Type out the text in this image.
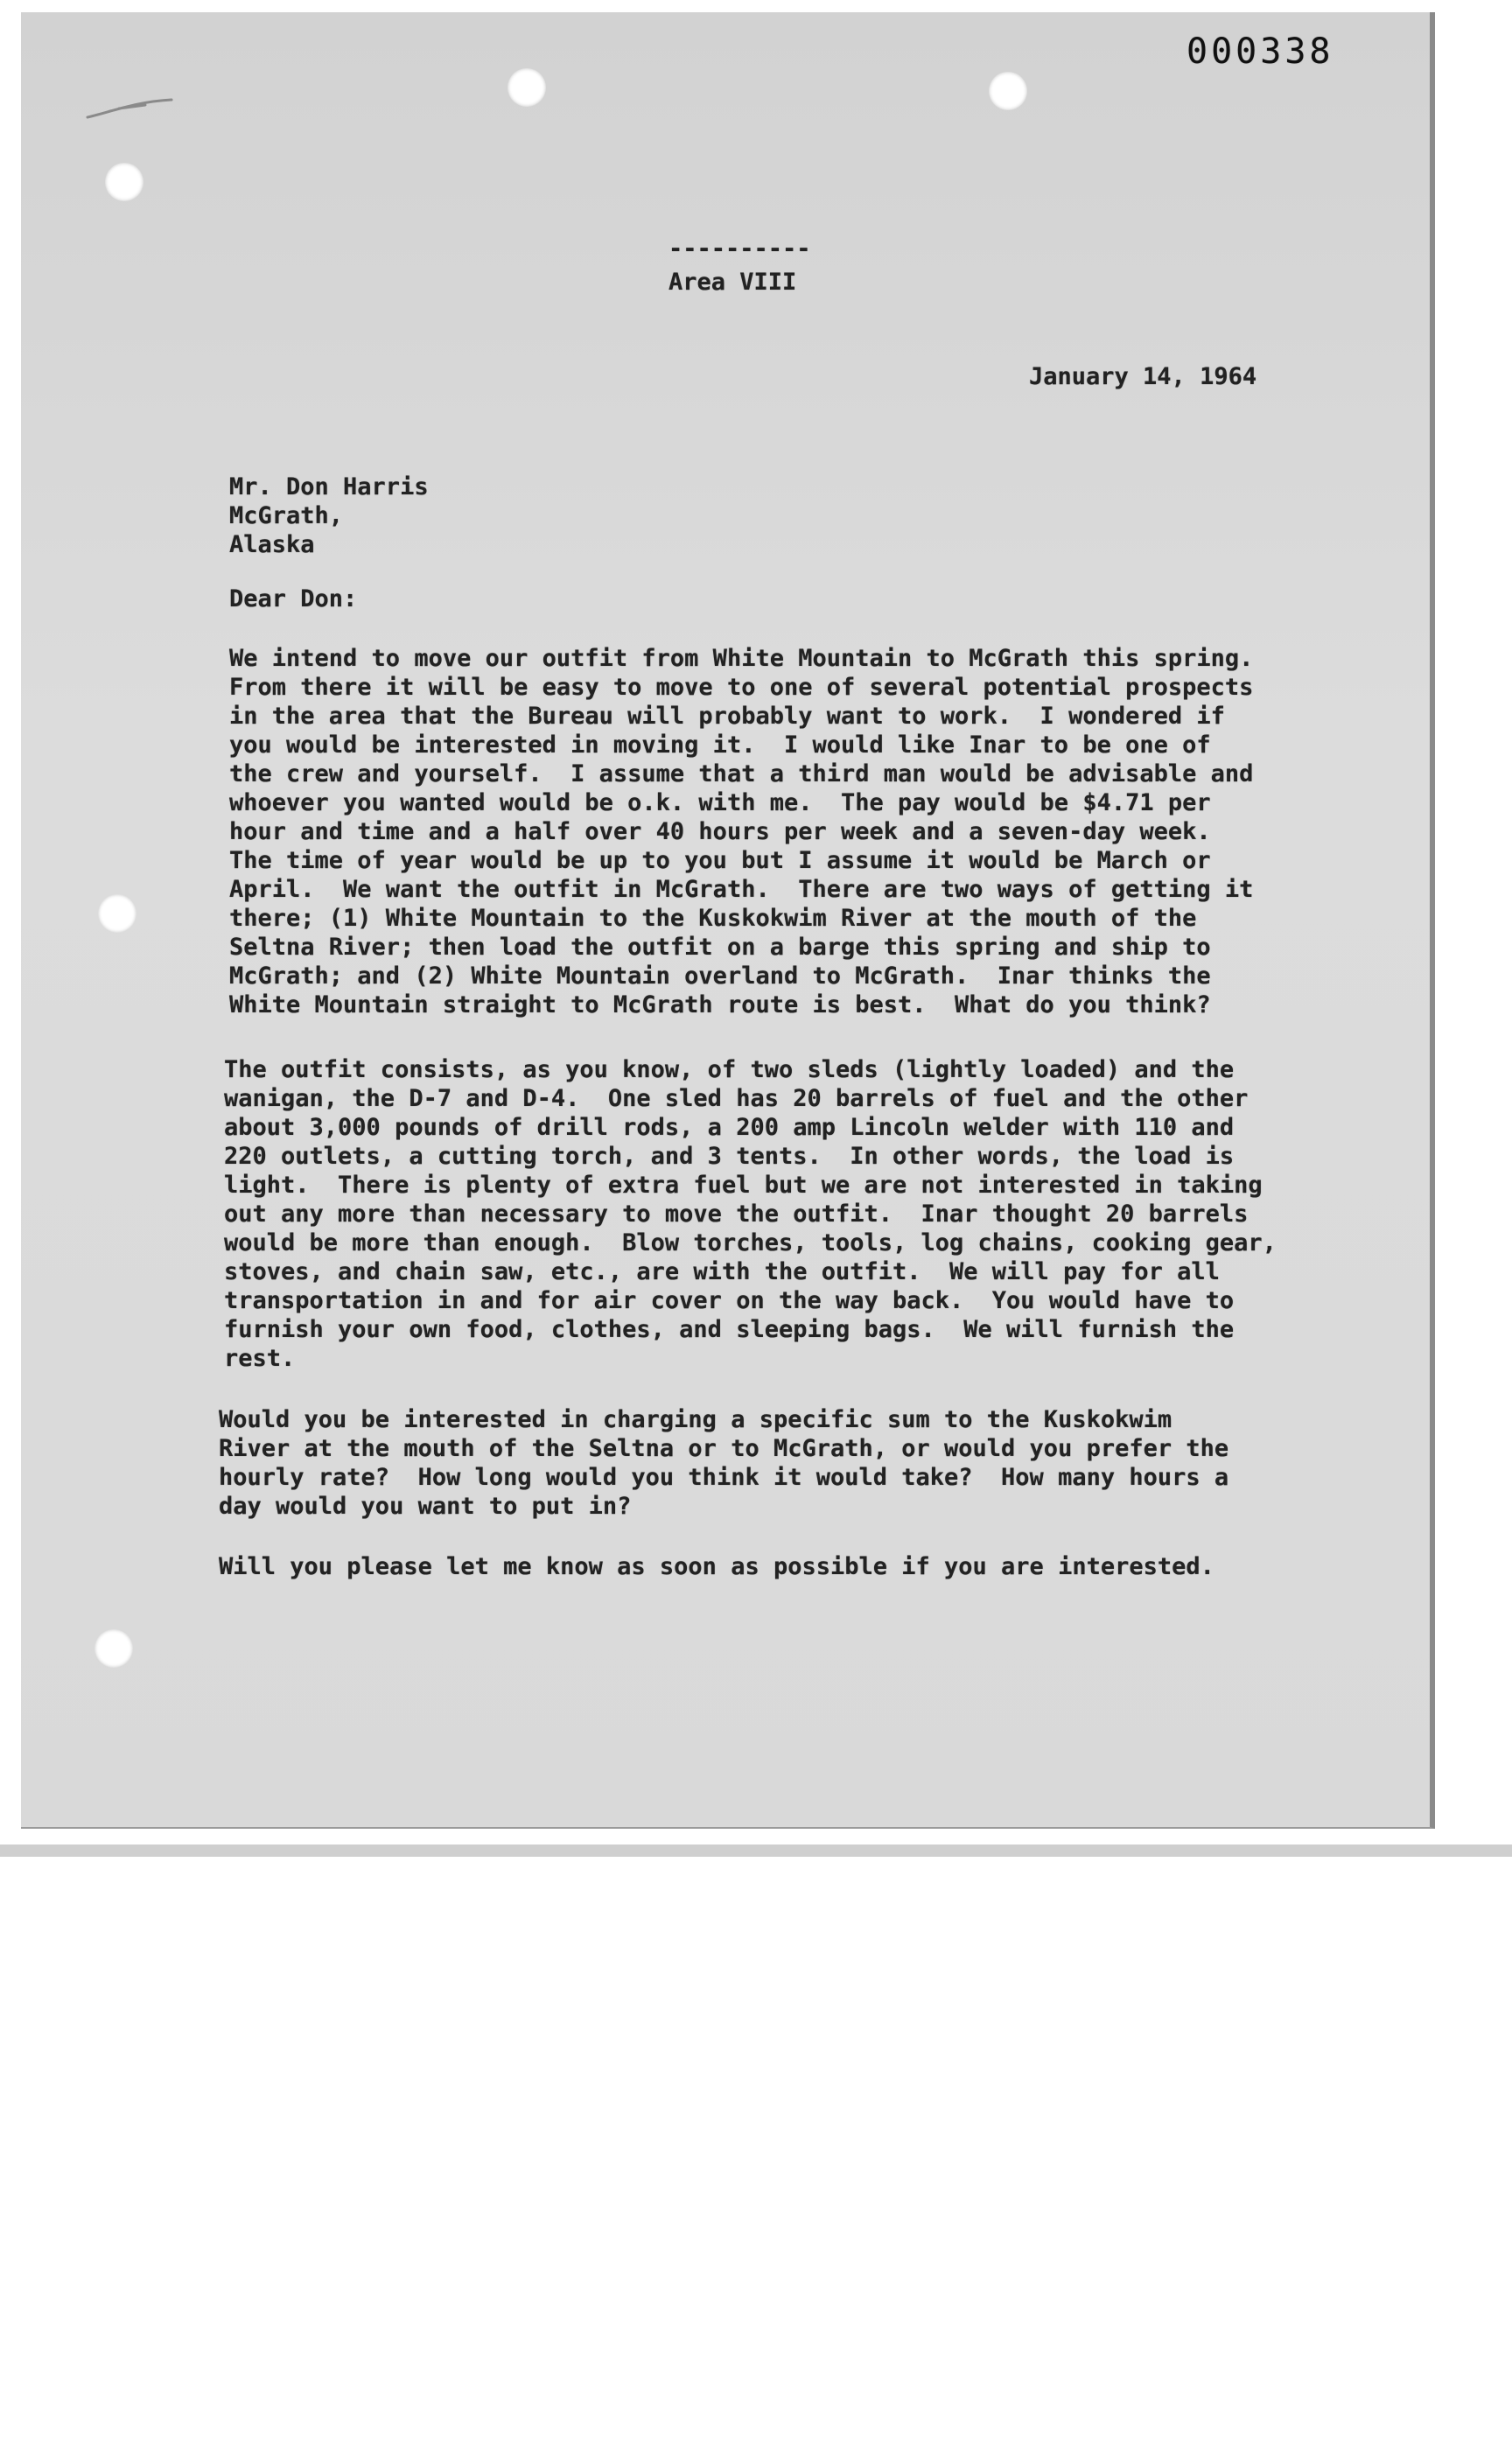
000338
----------
Area VIII
January 14, 1964
Mr. Don Harris
McGrath,
Alaska
Dear Don:
We intend to move our outfit from White Mountain to McGrath this spring.
From there it will be easy to move to one of several potential prospects
in the area that the Bureau will probably want to work.  I wondered if
you would be interested in moving it.  I would like Inar to be one of
the crew and yourself.  I assume that a third man would be advisable and
whoever you wanted would be o.k. with me.  The pay would be $4.71 per
hour and time and a half over 40 hours per week and a seven-day week.
The time of year would be up to you but I assume it would be March or
April.  We want the outfit in McGrath.  There are two ways of getting it
there; (1) White Mountain to the Kuskokwim River at the mouth of the
Seltna River; then load the outfit on a barge this spring and ship to
McGrath; and (2) White Mountain overland to McGrath.  Inar thinks the
White Mountain straight to McGrath route is best.  What do you think?
The outfit consists, as you know, of two sleds (lightly loaded) and the
wanigan, the D-7 and D-4.  One sled has 20 barrels of fuel and the other
about 3,000 pounds of drill rods, a 200 amp Lincoln welder with 110 and
220 outlets, a cutting torch, and 3 tents.  In other words, the load is
light.  There is plenty of extra fuel but we are not interested in taking
out any more than necessary to move the outfit.  Inar thought 20 barrels
would be more than enough.  Blow torches, tools, log chains, cooking gear,
stoves, and chain saw, etc., are with the outfit.  We will pay for all
transportation in and for air cover on the way back.  You would have to
furnish your own food, clothes, and sleeping bags.  We will furnish the
rest.
Would you be interested in charging a specific sum to the Kuskokwim
River at the mouth of the Seltna or to McGrath, or would you prefer the
hourly rate?  How long would you think it would take?  How many hours a
day would you want to put in?
Will you please let me know as soon as possible if you are interested.
